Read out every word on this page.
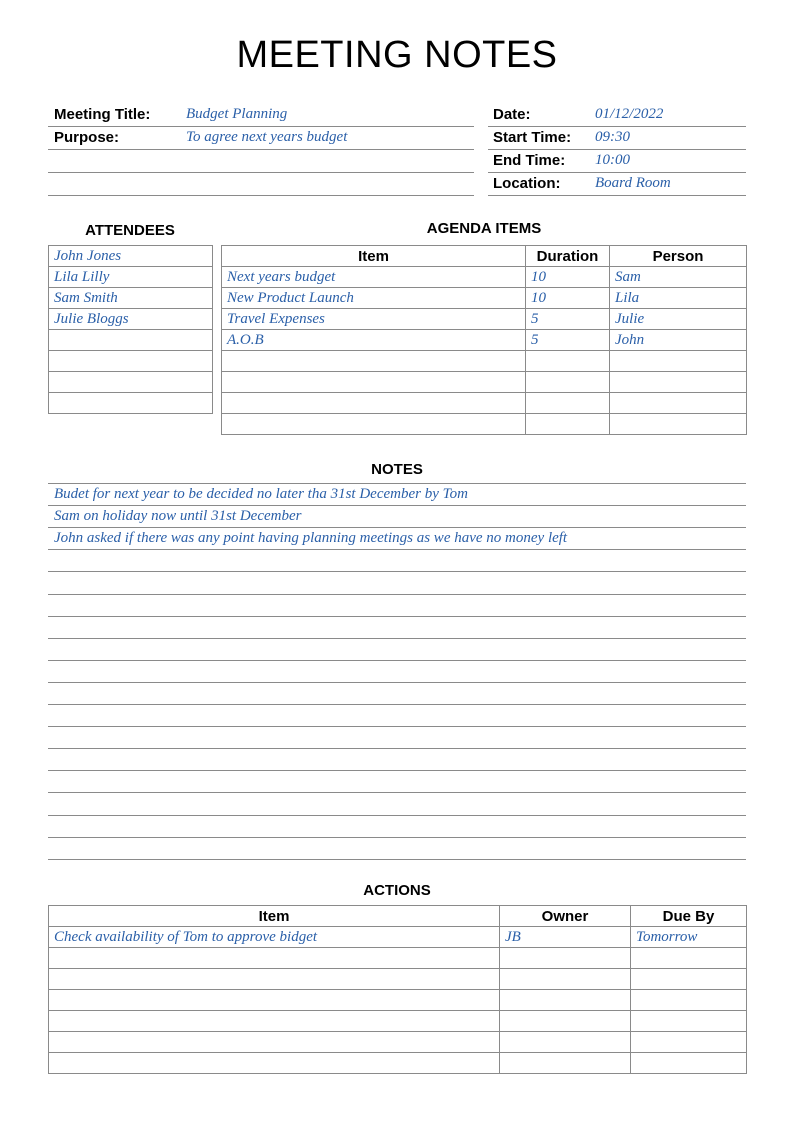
MEETING NOTES
Meeting Title: Budget Planning
Purpose:	To agree next years budget
Date:	01/12/2022
Start Time: 09:30
End Time: 10:00
Location: Board Room
ATTENDEES	AGENDA ITEMS
John Jones
Lila Lilly
Sam Smith
Julie Bloggs

Item	Duration	Person
Next years budget	10	Sam
New Product Launch	10	Lila
Travel Expenses	5	Julie
A.O.B	5	John

NOTES
Budet for next year to be decided no later tha 31st December by Tom
Sam on holiday now until 31st December
John asked if there was any point having planning meetings as we have no money left
ACTIONS
Item	Owner	Due By
Check availability of Tom to approve bidget	JB	Tomorrow
